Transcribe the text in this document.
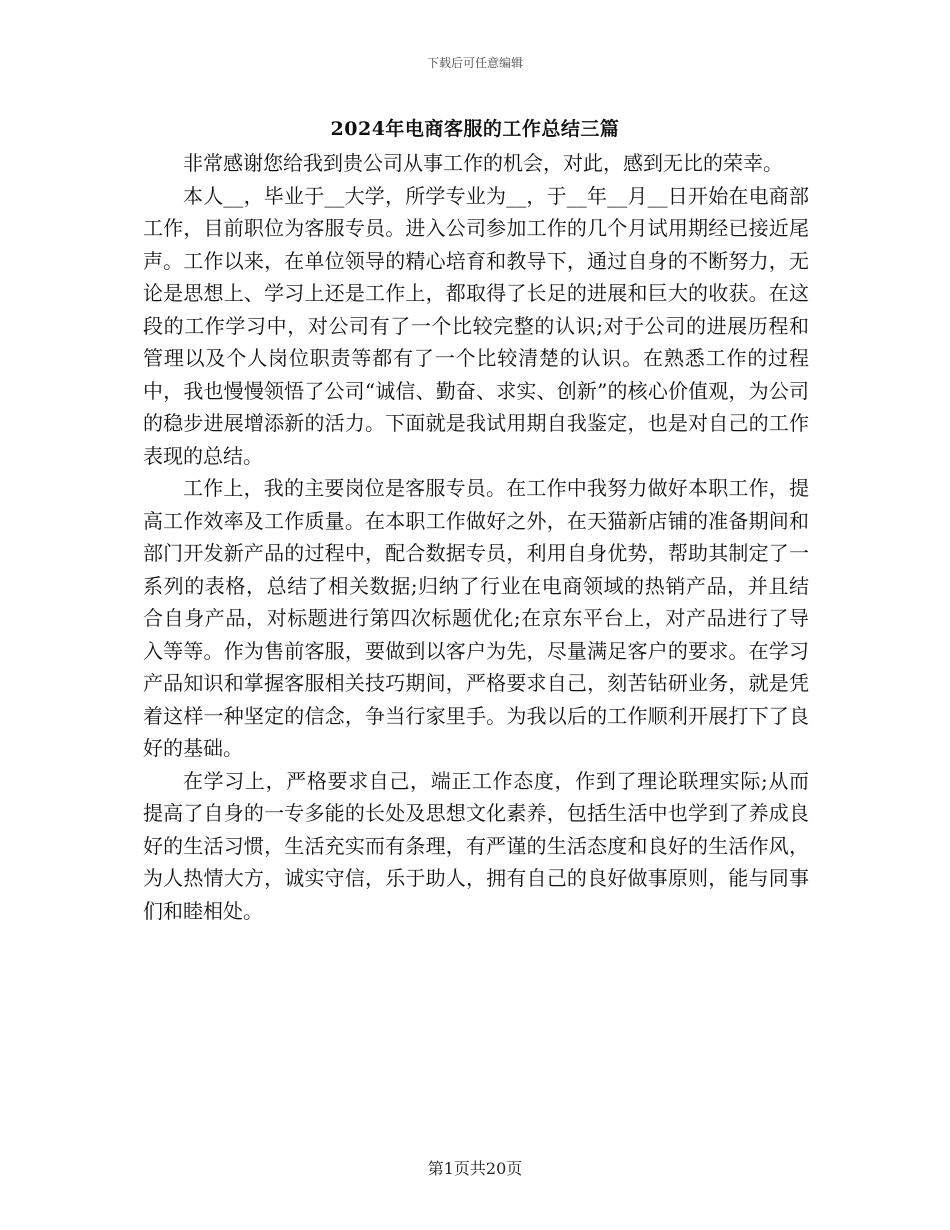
下载后可任意编辑
2024年电商客服的工作总结三篇

非常感谢您给我到贵公司从事工作的机会，对此，感到无比的荣幸。

本人__，毕业于__大学，所学专业为__，于__年__月__日开始在电商部工作，目前职位为客服专员。进入公司参加工作的几个月试用期经已接近尾声。工作以来，在单位领导的精心培育和教导下，通过自身的不断努力，无论是思想上、学习上还是工作上，都取得了长足的进展和巨大的收获。在这段的工作学习中，对公司有了一个比较完整的认识;对于公司的进展历程和管理以及个人岗位职责等都有了一个比较清楚的认识。在熟悉工作的过程中，我也慢慢领悟了公司“诚信、勤奋、求实、创新”的核心价值观，为公司的稳步进展增添新的活力。下面就是我试用期自我鉴定，也是对自己的工作表现的总结。

工作上，我的主要岗位是客服专员。在工作中我努力做好本职工作，提高工作效率及工作质量。在本职工作做好之外，在天猫新店铺的准备期间和部门开发新产品的过程中，配合数据专员，利用自身优势，帮助其制定了一系列的表格，总结了相关数据;归纳了行业在电商领域的热销产品，并且结合自身产品，对标题进行第四次标题优化;在京东平台上，对产品进行了导入等等。作为售前客服，要做到以客户为先，尽量满足客户的要求。在学习产品知识和掌握客服相关技巧期间，严格要求自己，刻苦钻研业务，就是凭着这样一种坚定的信念，争当行家里手。为我以后的工作顺利开展打下了良好的基础。

在学习上，严格要求自己，端正工作态度，作到了理论联理实际;从而提高了自身的一专多能的长处及思想文化素养，包括生活中也学到了养成良好的生活习惯，生活充实而有条理，有严谨的生活态度和良好的生活作风，为人热情大方，诚实守信，乐于助人，拥有自己的良好做事原则，能与同事们和睦相处。

第1页共20页
